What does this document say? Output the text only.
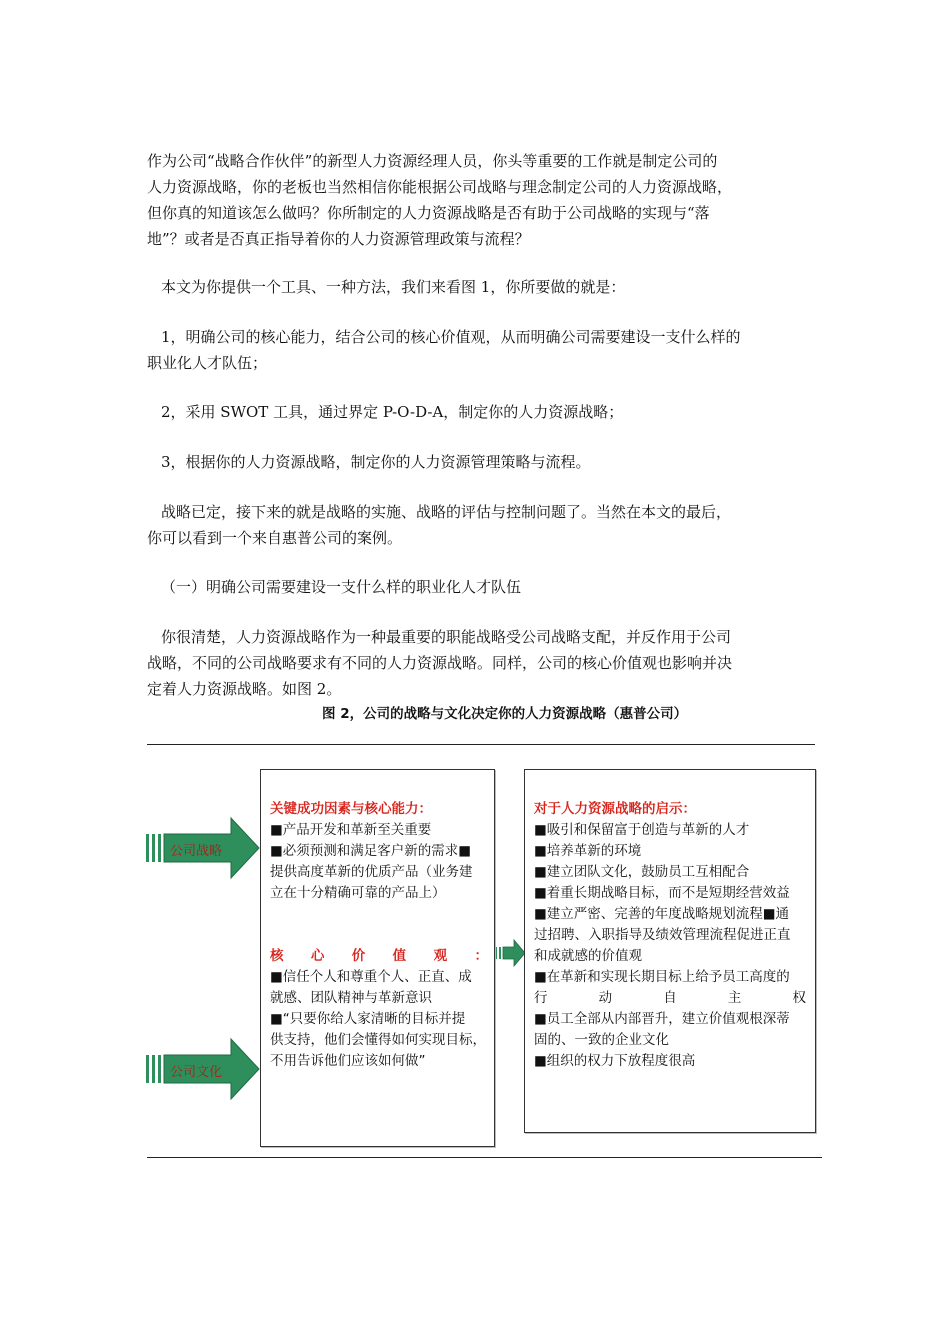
作为公司“战略合作伙伴”的新型人力资源经理人员，你头等重要的工作就是制定公司的
人力资源战略，你的老板也当然相信你能根据公司战略与理念制定公司的人力资源战略，
但你真的知道该怎么做吗？你所制定的人力资源战略是否有助于公司战略的实现与“落
地”？或者是否真正指导着你的人力资源管理政策与流程？
本文为你提供一个工具、一种方法，我们来看图 1，你所要做的就是：
1，明确公司的核心能力，结合公司的核心价值观，从而明确公司需要建设一支什么样的
职业化人才队伍；
2，采用 SWOT 工具，通过界定 P-O-D-A，制定你的人力资源战略；
3，根据你的人力资源战略，制定你的人力资源管理策略与流程。
战略已定，接下来的就是战略的实施、战略的评估与控制问题了。当然在本文的最后，
你可以看到一个来自惠普公司的案例。
（一）明确公司需要建设一支什么样的职业化人才队伍
你很清楚，人力资源战略作为一种最重要的职能战略受公司战略支配，并反作用于公司
战略，不同的公司战略要求有不同的人力资源战略。同样，公司的核心价值观也影响并决
定着人力资源战略。如图 2。
图 2，公司的战略与文化决定你的人力资源战略（惠普公司）
公司战略
公司文化
关键成功因素与核心能力：
■产品开发和革新至关重要
■必须预测和满足客户新的需求■
提供高度革新的优质产品（业务建
立在十分精确可靠的产品上）
核 心 价 值 观 ：
■信任个人和尊重个人、正直、成
就感、团队精神与革新意识
■“只要你给人家清晰的目标并提
供支持，他们会懂得如何实现目标，
不用告诉他们应该如何做”
对于人力资源战略的启示：
■吸引和保留富于创造与革新的人才
■培养革新的环境
■建立团队文化，鼓励员工互相配合
■着重长期战略目标，而不是短期经营效益
■建立严密、完善的年度战略规划流程■通
过招聘、入职指导及绩效管理流程促进正直
和成就感的价值观
■在革新和实现长期目标上给予员工高度的
行	动	自	主	权
■员工全部从内部晋升，建立价值观根深蒂
固的、一致的企业文化
■组织的权力下放程度很高
